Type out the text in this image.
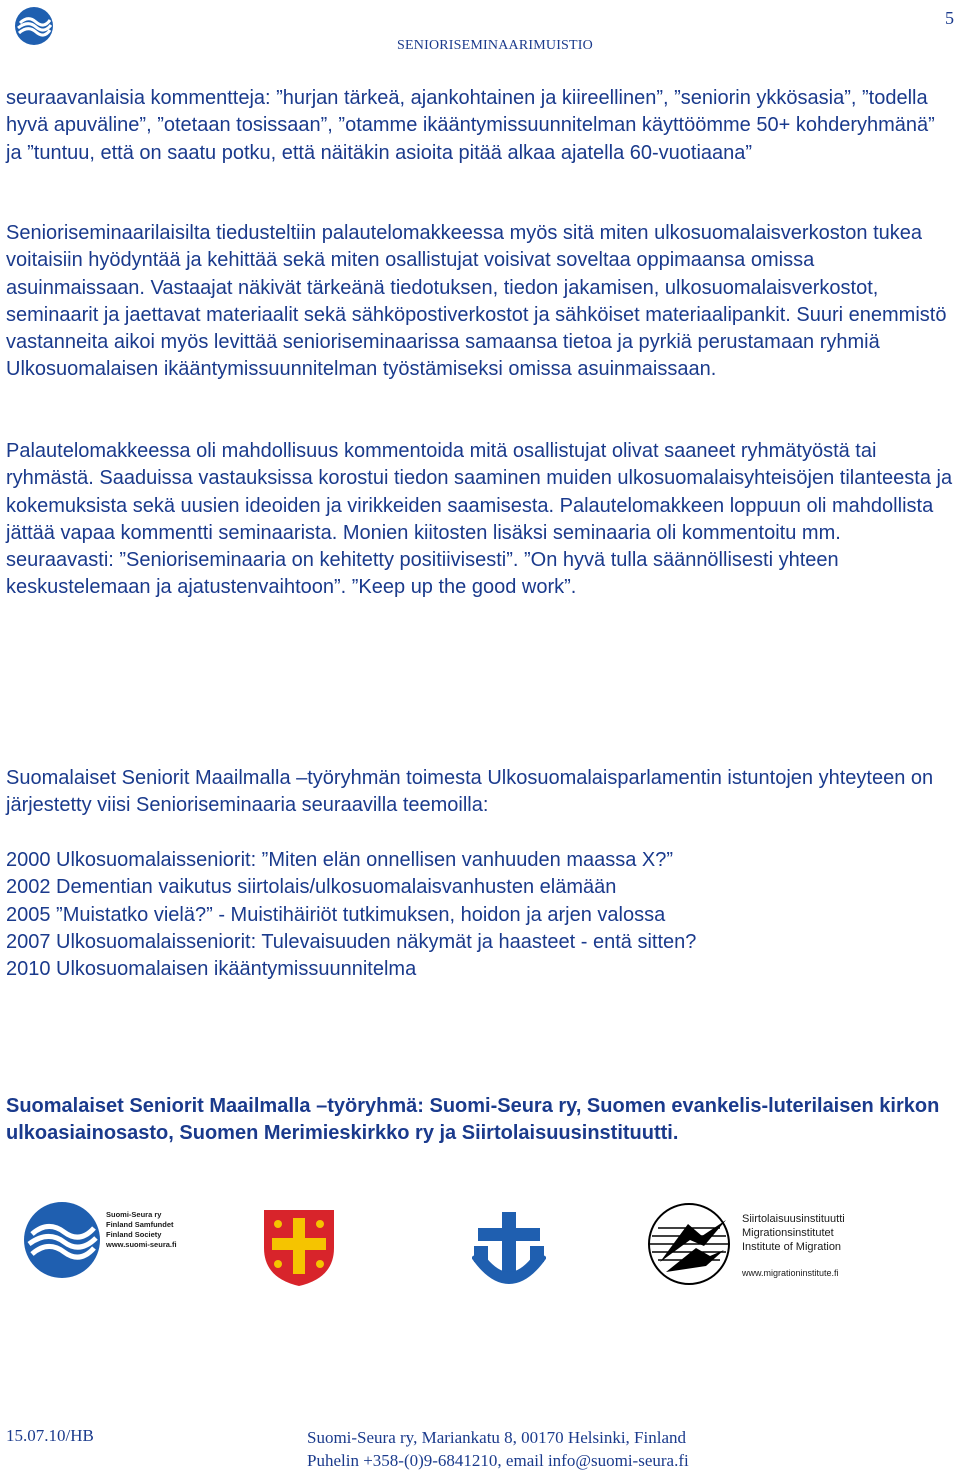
SENIORISEMINAARIMUISTIO
5

seuraavanlaisia kommentteja: ”hurjan tärkeä, ajankohtainen ja kiireellinen”, ”seniorin ykkösasia”, ”todella hyvä apuväline”, ”otetaan tosissaan”, ”otamme ikääntymissuunnitelman käyttöömme 50+ kohderyhmänä” ja ”tuntuu, että on saatu potku, että näitäkin asioita pitää alkaa ajatella 60-vuotiaana”

Senioriseminaarilaisilta tiedusteltiin palautelomakkeessa myös sitä miten ulkosuomalaisverkoston tukea voitaisiin hyödyntää ja kehittää sekä miten osallistujat voisivat soveltaa oppimaansa omissa asuinmaissaan. Vastaajat näkivät tärkeänä tiedotuksen, tiedon jakamisen, ulkosuomalaisverkostot, seminaarit ja jaettavat materiaalit sekä sähköpostiverkostot ja sähköiset materiaalipankit. Suuri enemmistö vastanneita aikoi myös levittää senioriseminaarissa samaansa tietoa ja pyrkiä perustamaan ryhmiä Ulkosuomalaisen ikääntymissuunnitelman työstämiseksi omissa asuinmaissaan.

Palautelomakkeessa oli mahdollisuus kommentoida mitä osallistujat olivat saaneet ryhmätyöstä tai ryhmästä. Saaduissa vastauksissa korostui tiedon saaminen muiden ulkosuomalaisyhteisöjen tilanteesta ja kokemuksista sekä uusien ideoiden ja virikkeiden saamisesta. Palautelomakkeen loppuun oli mahdollista jättää vapaa kommentti seminaarista. Monien kiitosten lisäksi seminaaria oli kommentoitu mm. seuraavasti: ”Senioriseminaaria on kehitetty positiivisesti”. ”On hyvä tulla säännöllisesti yhteen keskustelemaan ja ajatustenvaihtoon”. ”Keep up the good work”.

Suomalaiset Seniorit Maailmalla –työryhmän toimesta Ulkosuomalaisparlamentin istuntojen yhteyteen on järjestetty viisi Senioriseminaaria seuraavilla teemoilla:

2000 Ulkosuomalaisseniorit: ”Miten elän onnellisen vanhuuden maassa X?”
2002 Dementian vaikutus siirtolais/ulkosuomalaisvanhusten elämään
2005 ”Muistatko vielä?” - Muistihäiriöt tutkimuksen, hoidon ja arjen valossa
2007 Ulkosuomalaisseniorit: Tulevaisuuden näkymät ja haasteet - entä sitten?
2010 Ulkosuomalaisen ikääntymissuunnitelma

Suomalaiset Seniorit Maailmalla –työryhmä: Suomi-Seura ry, Suomen evankelis-luterilaisen kirkon ulkoasiainosasto, Suomen Merimieskirkko ry ja Siirtolaisuusinstituutti.

Suomi-Seura ry
Finland Samfundet
Finland Society
www.suomi-seura.fi
Siirtolaisuusinstituutti
Migrationsinstitutet
Institute of Migration
www.migrationinstitute.fi
15.07.10/HB	Suomi-Seura ry, Mariankatu 8, 00170 Helsinki, Finland
Puhelin +358-(0)9-6841210, email info@suomi-seura.fi
